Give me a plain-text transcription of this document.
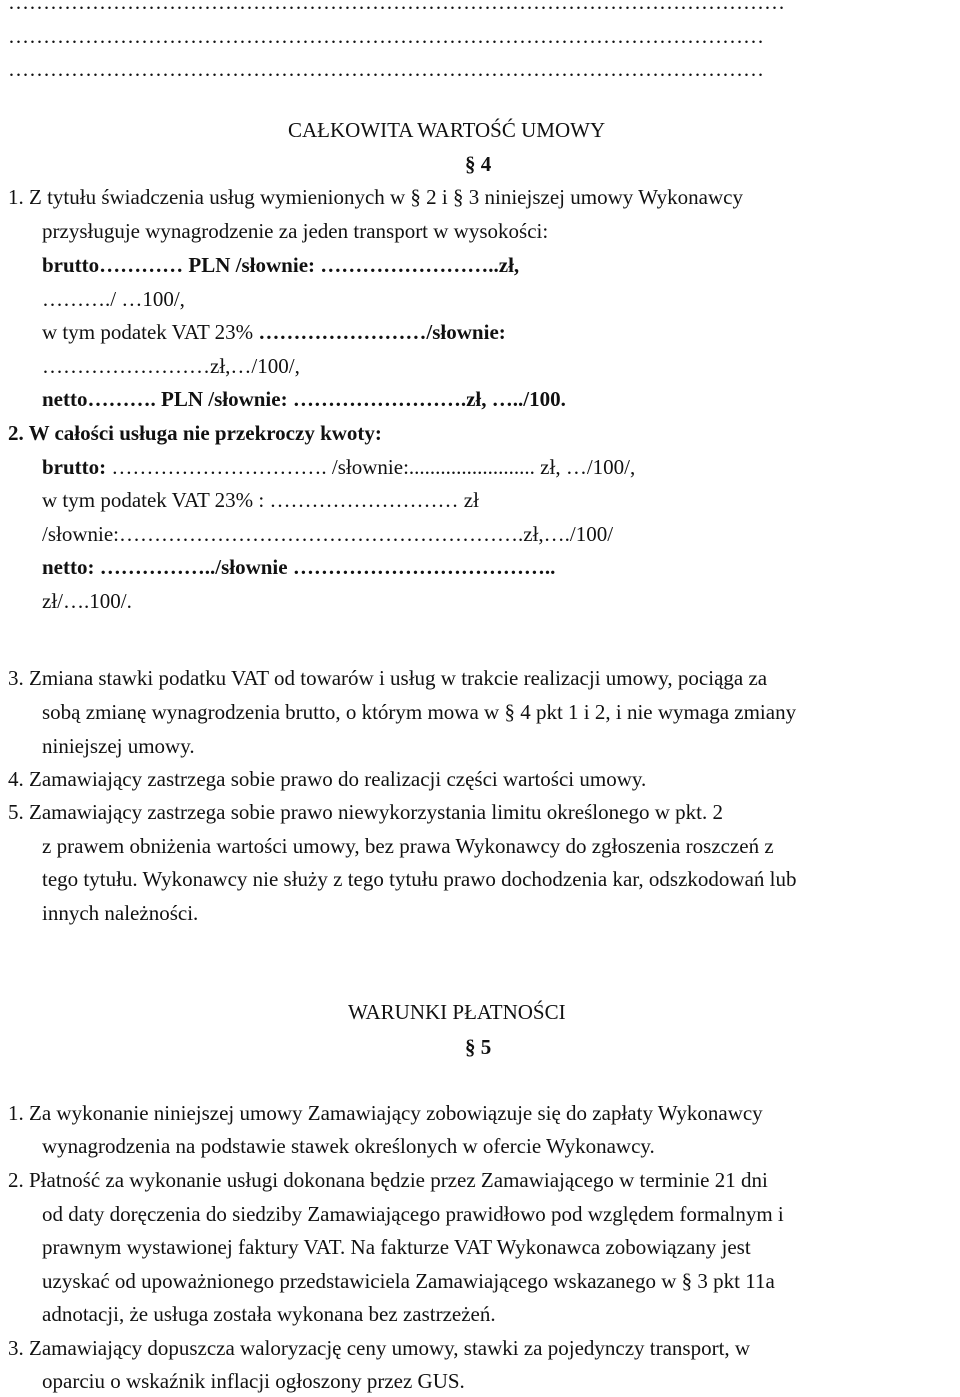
…………………………………………………………………………………………………
………………………………………………………………………………………………
………………………………………………………………………………………………
CAŁKOWITA WARTOŚĆ UMOWY
§ 4
1. Z tytułu świadczenia usług wymienionych w § 2 i § 3 niniejszej umowy Wykonawcy
przysługuje wynagrodzenie za jeden transport w wysokości:
brutto………… PLN /słownie: ……………………..zł,
………./ …100/,
w tym podatek VAT 23% ……………………/słownie:
……………………zł,…/100/,
netto………. PLN /słownie: …………………….zł, …../100.
2. W całości usługa nie przekroczy kwoty:
brutto: …………………………. /słownie:........................ zł, …/100/,
w tym podatek VAT 23% : ……………………… zł
/słownie:………………………………………………….zł,…./100/
netto: ……………../słownie ………………………………..
zł/….100/.
3. Zmiana stawki podatku VAT od towarów i usług w trakcie realizacji umowy, pociąga za
sobą zmianę wynagrodzenia brutto, o którym mowa w § 4 pkt 1 i 2, i nie wymaga zmiany
niniejszej umowy.
4. Zamawiający zastrzega sobie prawo do realizacji części wartości umowy.
5. Zamawiający zastrzega sobie prawo niewykorzystania limitu określonego w pkt. 2
z prawem obniżenia wartości umowy, bez prawa Wykonawcy do zgłoszenia roszczeń z
tego tytułu. Wykonawcy nie służy z tego tytułu prawo dochodzenia kar, odszkodowań lub
innych należności.
WARUNKI PŁATNOŚCI
§ 5
1. Za wykonanie niniejszej umowy Zamawiający zobowiązuje się do zapłaty Wykonawcy
wynagrodzenia na podstawie stawek określonych w ofercie Wykonawcy.
2. Płatność za wykonanie usługi dokonana będzie przez Zamawiającego w terminie 21 dni
od daty doręczenia do siedziby Zamawiającego prawidłowo pod względem formalnym i
prawnym wystawionej faktury VAT. Na fakturze VAT Wykonawca zobowiązany jest
uzyskać od upoważnionego przedstawiciela Zamawiającego wskazanego w § 3 pkt 11a
adnotacji, że usługa została wykonana bez zastrzeżeń.
3. Zamawiający dopuszcza waloryzację ceny umowy, stawki za pojedynczy transport, w
oparciu o wskaźnik inflacji ogłoszony przez GUS.
